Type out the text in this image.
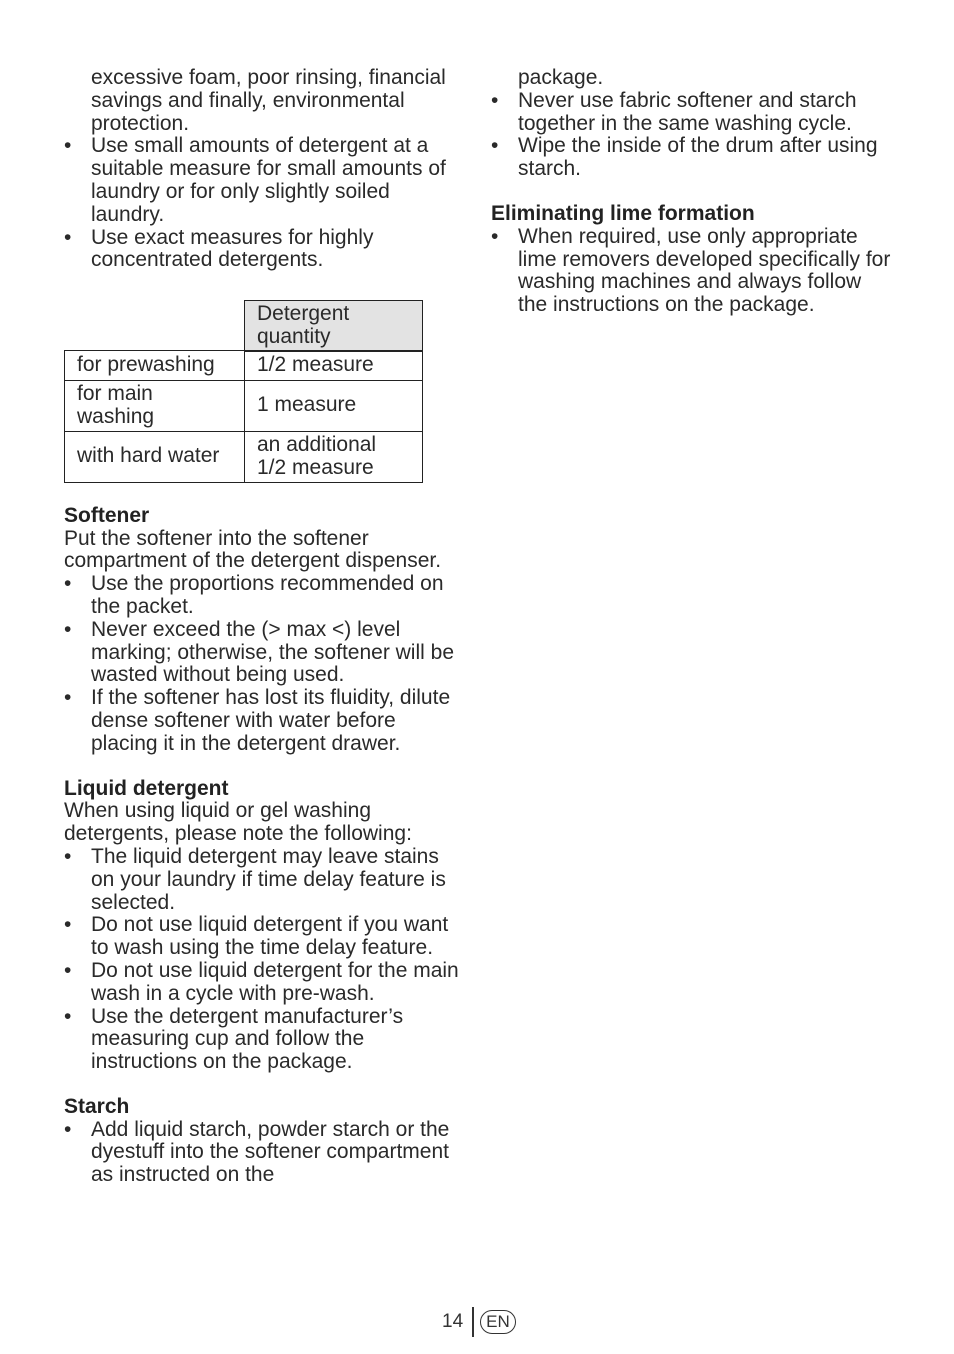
excessive foam, poor rinsing, financial savings and finally, environmental protection.

• Use small amounts of detergent at a suitable measure for small amounts of laundry or for only slightly soiled laundry.
• Use exact measures for highly concentrated detergents.
	Detergent quantity
for prewashing	1/2 measure
for main washing	1 measure
with hard water	an additional 1/2 measure
Softener

Put the softener into the softener compartment of the detergent dispenser.

• Use the proportions recommended on the packet.
• Never exceed the (> max <) level marking; otherwise, the softener will be wasted without being used.
• If the softener has lost its fluidity, dilute dense softener with water before placing it in the detergent drawer.
Liquid detergent

When using liquid or gel washing detergents, please note the following:

• The liquid detergent may leave stains on your laundry if time delay feature is selected.
• Do not use liquid detergent if you want to wash using the time delay feature.
• Do not use liquid detergent for the main wash in a cycle with pre-wash.
• Use the detergent manufacturer’s measuring cup and follow the instructions on the package.
Starch
• Add liquid starch, powder starch or the dyestuff into the softener compartment as instructed on the

package.

• Never use fabric softener and starch together in the same washing cycle.
• Wipe the inside of the drum after using starch.
Eliminating lime formation
• When required, use only appropriate lime removers developed specifically for washing machines and always follow the instructions on the package.
14	EN
